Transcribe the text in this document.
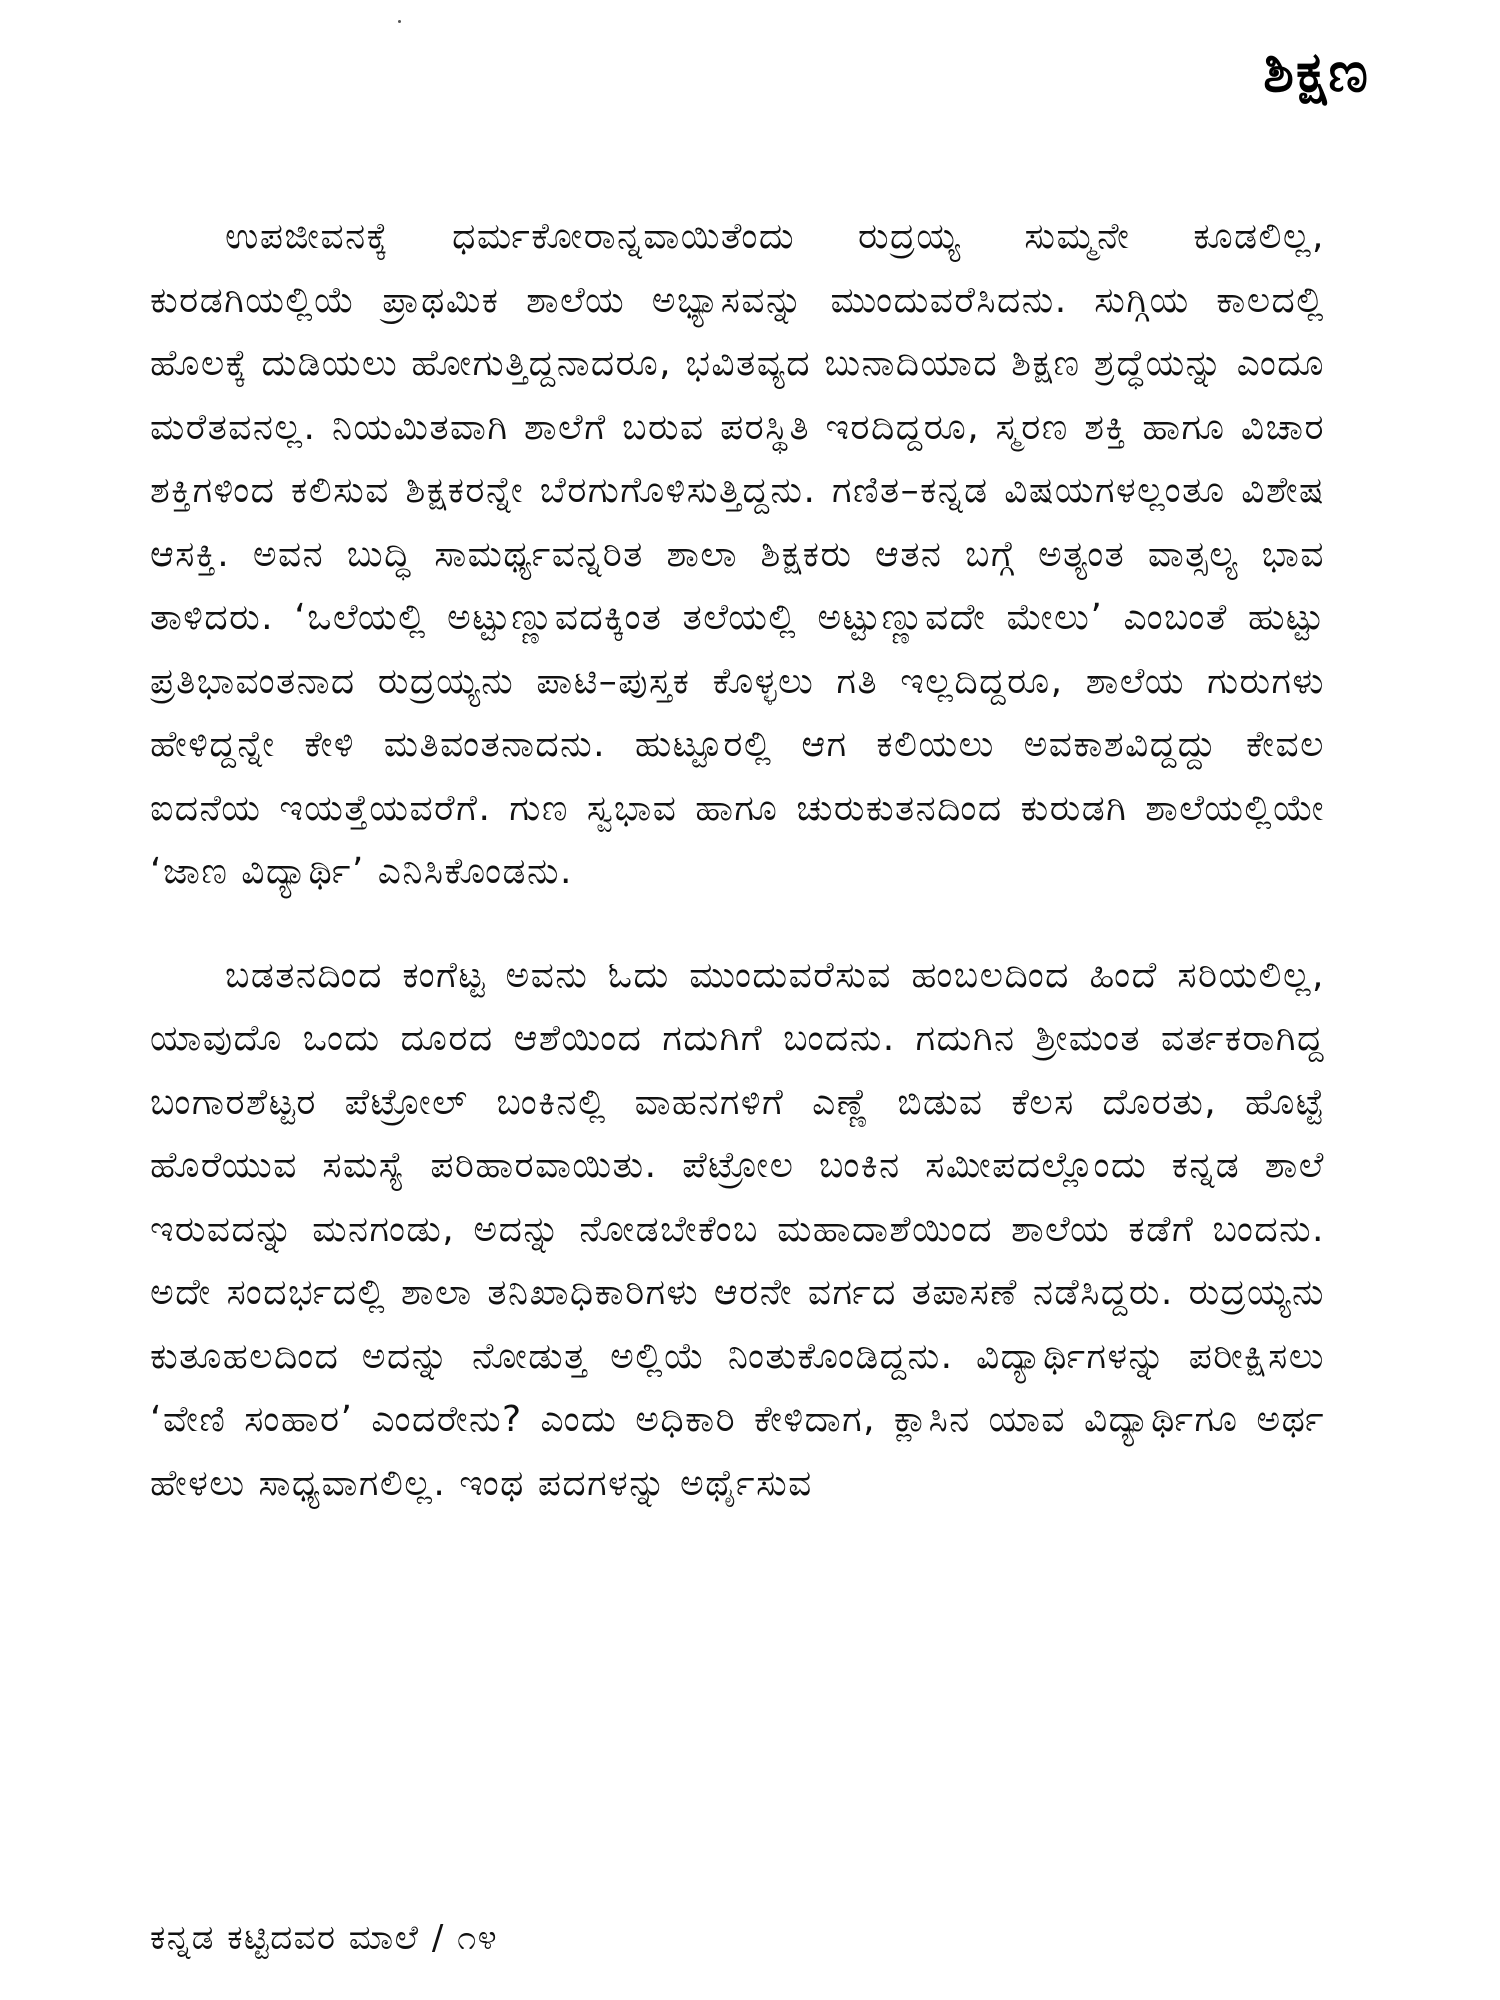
ಶಿಕ್ಷಣ

ಉಪಜೀವನಕ್ಕೆ ಧರ್ಮಕೋರಾನ್ನವಾಯಿತೆಂದು ರುದ್ರಯ್ಯ ಸುಮ್ಮನೇ ಕೂಡಲಿಲ್ಲ, ಕುರಡಗಿಯಲ್ಲಿಯೆ ಪ್ರಾಥಮಿಕ ಶಾಲೆಯ ಅಭ್ಯಾಸವನ್ನು ಮುಂದುವರೆಸಿದನು. ಸುಗ್ಗಿಯ ಕಾಲದಲ್ಲಿ ಹೊಲಕ್ಕೆ ದುಡಿಯಲು ಹೋಗುತ್ತಿದ್ದನಾದರೂ, ಭವಿತವ್ಯದ ಬುನಾದಿಯಾದ ಶಿಕ್ಷಣ ಶ್ರದ್ಧೆಯನ್ನು ಎಂದೂ ಮರೆತವನಲ್ಲ. ನಿಯಮಿತವಾಗಿ ಶಾಲೆಗೆ ಬರುವ ಪರಸ್ಥಿತಿ ಇರದಿದ್ದರೂ, ಸ್ಮರಣ ಶಕ್ತಿ ಹಾಗೂ ವಿಚಾರ ಶಕ್ತಿಗಳಿಂದ ಕಲಿಸುವ ಶಿಕ್ಷಕರನ್ನೇ ಬೆರಗುಗೊಳಿಸುತ್ತಿದ್ದನು. ಗಣಿತ–ಕನ್ನಡ ವಿಷಯಗಳಲ್ಲಂತೂ ವಿಶೇಷ ಆಸಕ್ತಿ. ಅವನ ಬುದ್ಧಿ ಸಾಮರ್ಥ್ಯವನ್ನರಿತ ಶಾಲಾ ಶಿಕ್ಷಕರು ಆತನ ಬಗ್ಗೆ ಅತ್ಯಂತ ವಾತ್ಸಲ್ಯ ಭಾವ ತಾಳಿದರು. ‘ಒಲೆಯಲ್ಲಿ ಅಟ್ಟುಣ್ಣುವದಕ್ಕಿಂತ ತಲೆಯಲ್ಲಿ ಅಟ್ಟುಣ್ಣುವದೇ ಮೇಲು’ ಎಂಬಂತೆ ಹುಟ್ಟು ಪ್ರತಿಭಾವಂತನಾದ ರುದ್ರಯ್ಯನು ಪಾಟಿ–ಪುಸ್ತಕ ಕೊಳ್ಳಲು ಗತಿ ಇಲ್ಲದಿದ್ದರೂ, ಶಾಲೆಯ ಗುರುಗಳು ಹೇಳಿದ್ದನ್ನೇ ಕೇಳಿ ಮತಿವಂತನಾದನು. ಹುಟ್ಟೂರಲ್ಲಿ ಆಗ ಕಲಿಯಲು ಅವಕಾಶವಿದ್ದದ್ದು ಕೇವಲ ಐದನೆಯ ಇಯತ್ತೆಯವರೆಗೆ. ಗುಣ ಸ್ವಭಾವ ಹಾಗೂ ಚುರುಕುತನದಿಂದ ಕುರುಡಗಿ ಶಾಲೆಯಲ್ಲಿಯೇ ‘ಜಾಣ ವಿದ್ಯಾರ್ಥಿ’ ಎನಿಸಿಕೊಂಡನು.

ಬಡತನದಿಂದ ಕಂಗೆಟ್ಟ ಅವನು ಓದು ಮುಂದುವರೆಸುವ ಹಂಬಲದಿಂದ ಹಿಂದೆ ಸರಿಯಲಿಲ್ಲ, ಯಾವುದೊ ಒಂದು ದೂರದ ಆಶೆಯಿಂದ ಗದುಗಿಗೆ ಬಂದನು. ಗದುಗಿನ ಶ್ರೀಮಂತ ವರ್ತಕರಾಗಿದ್ದ ಬಂಗಾರಶೆಟ್ಟರ ಪೆಟ್ರೋಲ್ ಬಂಕಿನಲ್ಲಿ ವಾಹನಗಳಿಗೆ ಎಣ್ಣೆ ಬಿಡುವ ಕೆಲಸ ದೊರತು, ಹೊಟ್ಟೆ ಹೊರೆಯುವ ಸಮಸ್ಯೆ ಪರಿಹಾರವಾಯಿತು. ಪೆಟ್ರೋಲ ಬಂಕಿನ ಸಮೀಪದಲ್ಲೊಂದು ಕನ್ನಡ ಶಾಲೆ ಇರುವದನ್ನು ಮನಗಂಡು, ಅದನ್ನು ನೋಡಬೇಕೆಂಬ ಮಹಾದಾಶೆಯಿಂದ ಶಾಲೆಯ ಕಡೆಗೆ ಬಂದನು. ಅದೇ ಸಂದರ್ಭದಲ್ಲಿ ಶಾಲಾ ತನಿಖಾಧಿಕಾರಿಗಳು ಆರನೇ ವರ್ಗದ ತಪಾಸಣೆ ನಡೆಸಿದ್ದರು. ರುದ್ರಯ್ಯನು ಕುತೂಹಲದಿಂದ ಅದನ್ನು ನೋಡುತ್ತ ಅಲ್ಲಿಯೆ ನಿಂತುಕೊಂಡಿದ್ದನು. ವಿದ್ಯಾರ್ಥಿಗಳನ್ನು ಪರೀಕ್ಷಿಸಲು ‘ವೇಣಿ ಸಂಹಾರ’ ಎಂದರೇನು? ಎಂದು ಅಧಿಕಾರಿ ಕೇಳಿದಾಗ, ಕ್ಲಾಸಿನ ಯಾವ ವಿದ್ಯಾರ್ಥಿಗೂ ಅರ್ಥ ಹೇಳಲು ಸಾಧ್ಯವಾಗಲಿಲ್ಲ. ಇಂಥ ಪದಗಳನ್ನು ಅರ್ಥೈಸುವ

ಕನ್ನಡ ಕಟ್ಟಿದವರ ಮಾಲೆ / ೧೪
